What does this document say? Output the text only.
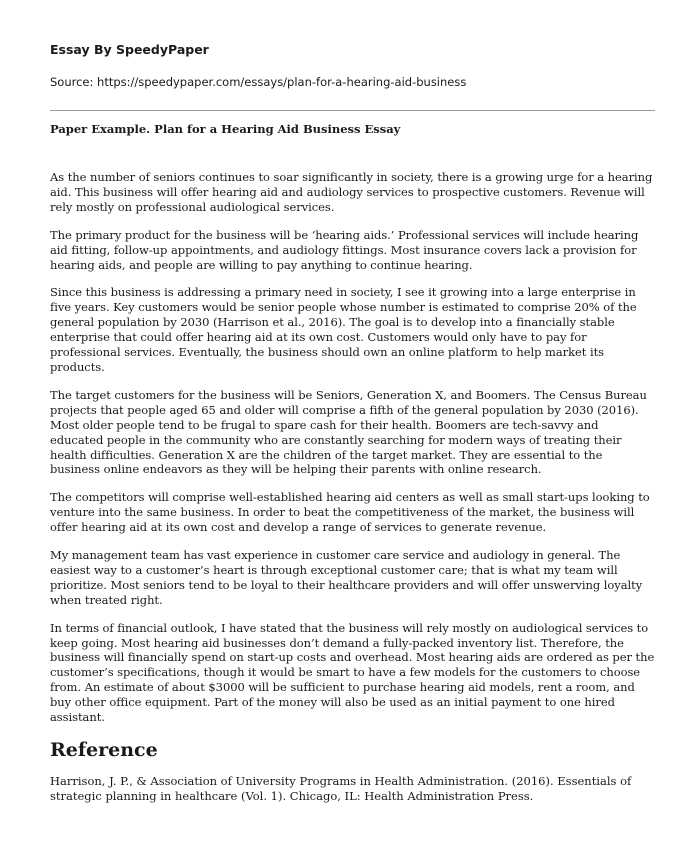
Essay By SpeedyPaper
Source: https://speedypaper.com/essays/plan-for-a-hearing-aid-business
Paper Example. Plan for a Hearing Aid Business Essay

As the number of seniors continues to soar significantly in society, there is a growing urge for a hearing aid. This business will offer hearing aid and audiology services to prospective customers. Revenue will rely mostly on professional audiological services.

The primary product for the business will be ‘hearing aids.’ Professional services will include hearing aid fitting, follow-up appointments, and audiology fittings. Most insurance covers lack a provision for hearing aids, and people are willing to pay anything to continue hearing.

Since this business is addressing a primary need in society, I see it growing into a large enterprise in five years. Key customers would be senior people whose number is estimated to comprise 20% of the general population by 2030 (Harrison et al., 2016). The goal is to develop into a financially stable enterprise that could offer hearing aid at its own cost. Customers would only have to pay for professional services. Eventually, the business should own an online platform to help market its products.

The target customers for the business will be Seniors, Generation X, and Boomers. The Census Bureau projects that people aged 65 and older will comprise a fifth of the general population by 2030 (2016). Most older people tend to be frugal to spare cash for their health. Boomers are tech-savvy and educated people in the community who are constantly searching for modern ways of treating their health difficulties. Generation X are the children of the target market. They are essential to the business online endeavors as they will be helping their parents with online research.

The competitors will comprise well-established hearing aid centers as well as small start-ups looking to venture into the same business. In order to beat the competitiveness of the market, the business will offer hearing aid at its own cost and develop a range of services to generate revenue.

My management team has vast experience in customer care service and audiology in general. The easiest way to a customer’s heart is through exceptional customer care; that is what my team will prioritize. Most seniors tend to be loyal to their healthcare providers and will offer unswerving loyalty when treated right.

In terms of financial outlook, I have stated that the business will rely mostly on audiological services to keep going. Most hearing aid businesses don’t demand a fully-packed inventory list. Therefore, the business will financially spend on start-up costs and overhead. Most hearing aids are ordered as per the customer’s specifications, though it would be smart to have a few models for the customers to choose from. An estimate of about $3000 will be sufficient to purchase hearing aid models, rent a room, and buy other office equipment. Part of the money will also be used as an initial payment to one hired assistant.

Reference

Harrison, J. P., & Association of University Programs in Health Administration. (2016). Essentials of strategic planning in healthcare (Vol. 1). Chicago, IL: Health Administration Press.
